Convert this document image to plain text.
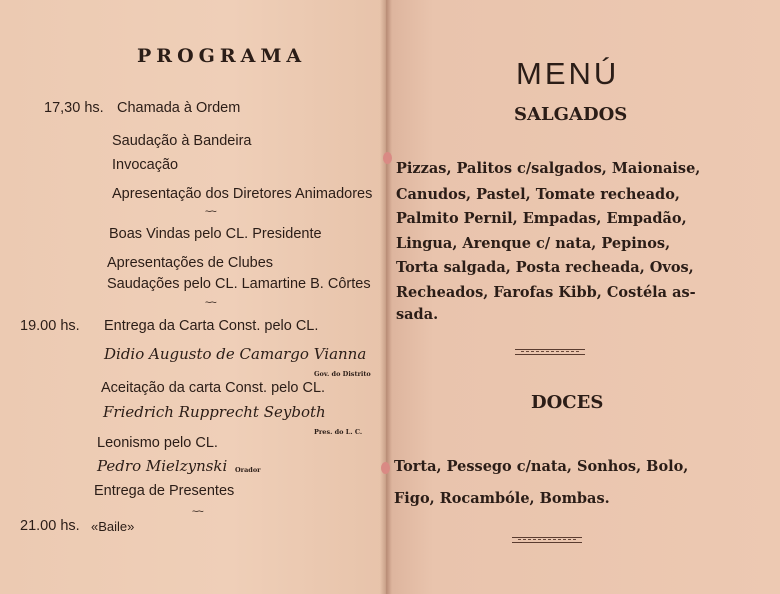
PROGRAMA
17,30 hs. Chamada à Ordem
Saudação à Bandeira
Invocação
Apresentação dos Diretores Animadores
~~
Boas Vindas pelo CL. Presidente
Apresentações de Clubes
Saudações pelo CL. Lamartine B. Côrtes
~~
19.00 hs. Entrega da Carta Const. pelo CL.
Didio Augusto de Camargo Vianna
Gov. do Distrito
Aceitação da carta Const. pelo CL.
Friedrich Rupprecht Seyboth
Pres. do L. C.
Leonismo pelo CL.
Pedro Mielzynski Orador
Entrega de Presentes
~~
21.00 hs. «Baile»
MENÚ
SALGADOS
Pizzas, Palitos c/salgados, Maionaise,
Canudos, Pastel, Tomate recheado,
Palmito Pernil, Empadas, Empadão,
Lingua, Arenque c/ nata, Pepinos,
Torta salgada, Posta recheada, Ovos,
Recheados, Farofas Kibb, Costéla as-
sada.
DOCES
Torta, Pessego c/nata, Sonhos, Bolo,
Figo, Rocambóle, Bombas.
